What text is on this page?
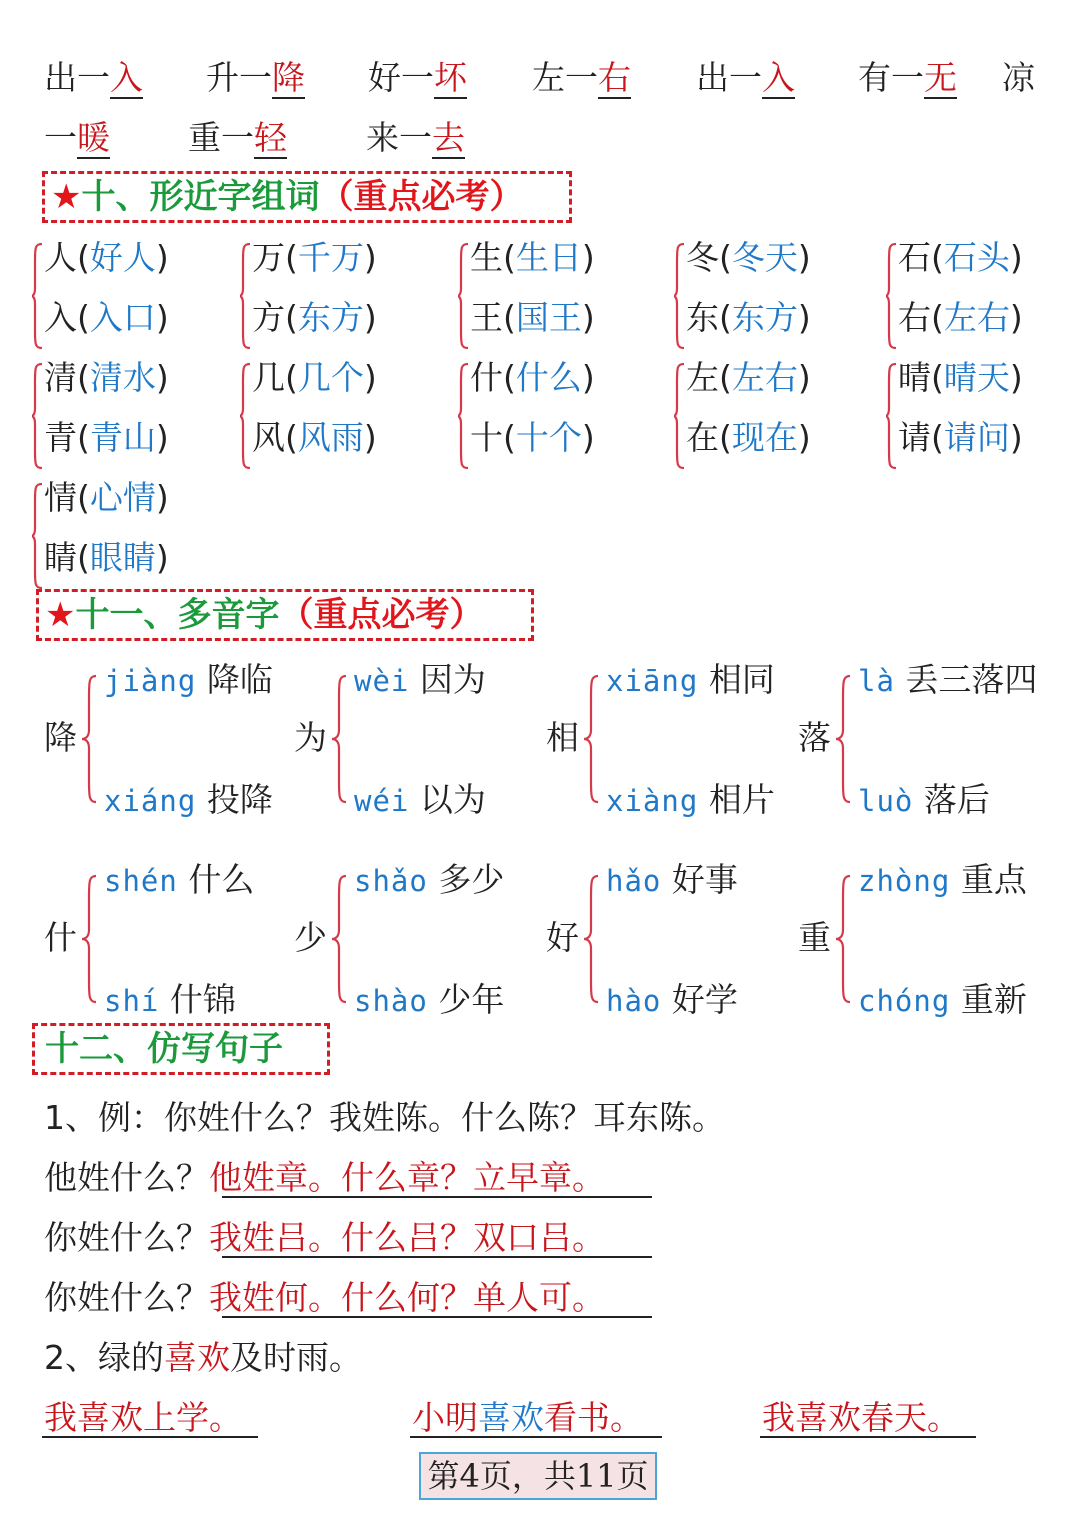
出一入 升一降 好一坏 左一右 出一入 有一无 凉
一暖 重一轻 来一去
★十、形近字组词（重点必考）
人(好人)
入(入口)
万(千万)
方(东方)
生(生日)
王(国王)
冬(冬天)
东(东方)
石(石头)
右(左右)
清(清水)
青(青山)
几(几个)
风(风雨)
什(什么)
十(十个)
左(左右)
在(现在)
晴(晴天)
请(请问)
情(心情)
睛(眼睛)
★十一、多音字（重点必考）
降
jiàng 降临
xiáng 投降
为
wèi 因为
wéi 以为
相
xiāng 相同
xiàng 相片
落
là 丢三落四
luò 落后
什
shén 什么
shí 什锦
少
shǎo 多少
shào 少年
好
hǎo 好事
hào 好学
重
zhòng 重点
chóng 重新
十二、仿写句子
1、例：你姓什么？我姓陈。什么陈？耳东陈。
他姓什么？他姓章。什么章？立早章。
你姓什么？我姓吕。什么吕？双口吕。
你姓什么？我姓何。什么何？单人可。
2、绿的喜欢及时雨。
我喜欢上学。	小明喜欢看书。	我喜欢春天。
第4页，共11页
